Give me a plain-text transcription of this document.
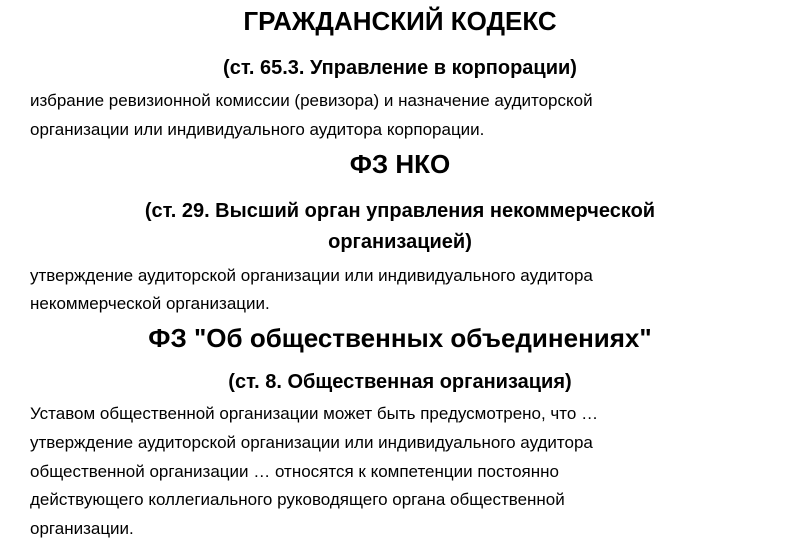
ГРАЖДАНСКИЙ КОДЕКС
(ст. 65.3. Управление в корпорации)
избрание ревизионной комиссии (ревизора) и назначение аудиторской
организации или индивидуального аудитора корпорации.
ФЗ НКО
(ст. 29. Высший орган управления некоммерческой
организацией)
утверждение аудиторской организации или индивидуального аудитора
некоммерческой организации.
ФЗ "Об общественных объединениях"
(ст. 8. Общественная организация)
Уставом общественной организации может быть предусмотрено, что …
утверждение аудиторской организации или индивидуального аудитора
общественной организации … относятся к компетенции постоянно
действующего коллегиального руководящего органа общественной
организации.
